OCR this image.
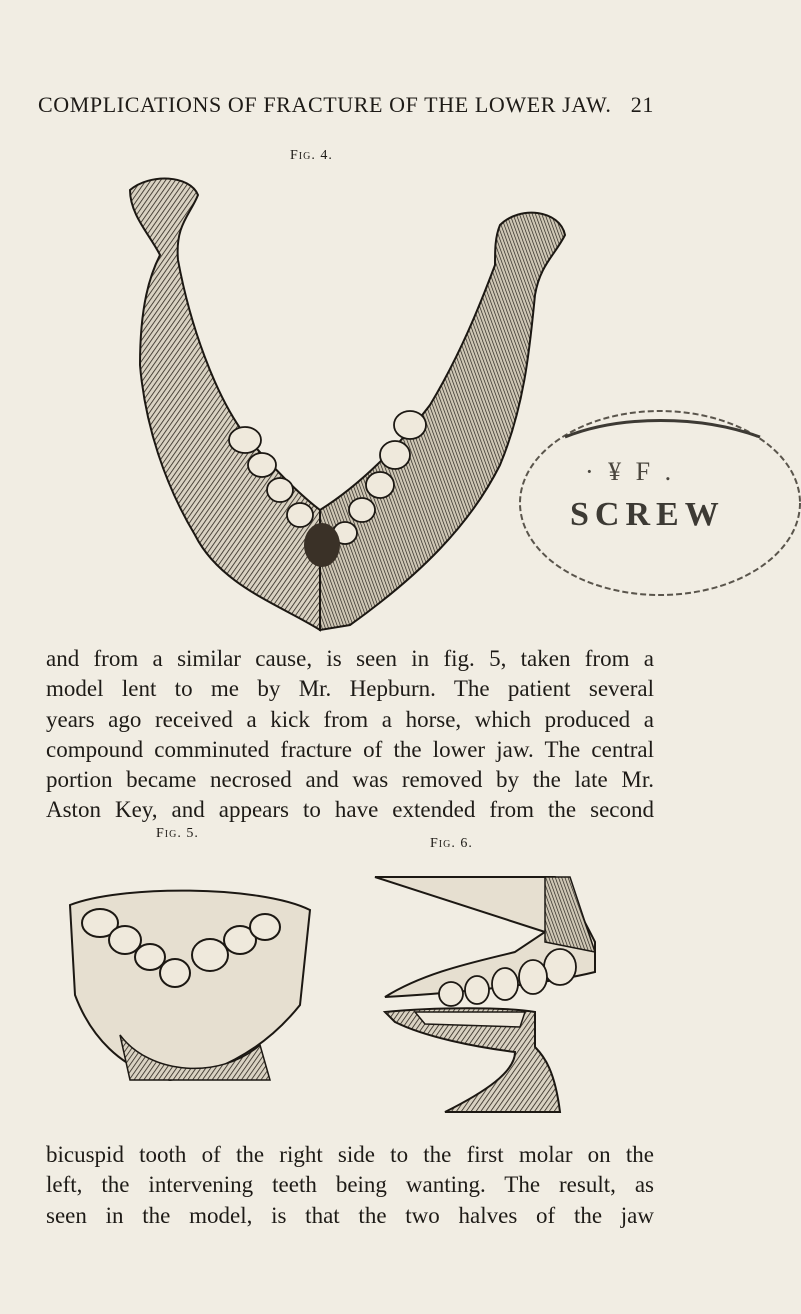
COMPLICATIONS OF FRACTURE OF THE LOWER JAW. 21
Fig. 4.
SCREW
· ¥ F .
and from a similar cause, is seen in fig. 5, taken from a
model lent to me by Mr. Hepburn. The patient several
years ago received a kick from a horse, which produced a
compound comminuted fracture of the lower jaw. The central
portion became necrosed and was removed by the late Mr.
Aston Key, and appears to have extended from the second
Fig. 5.
Fig. 6.
bicuspid tooth of the right side to the first molar on the
left, the intervening teeth being wanting. The result, as
seen in the model, is that the two halves of the jaw
